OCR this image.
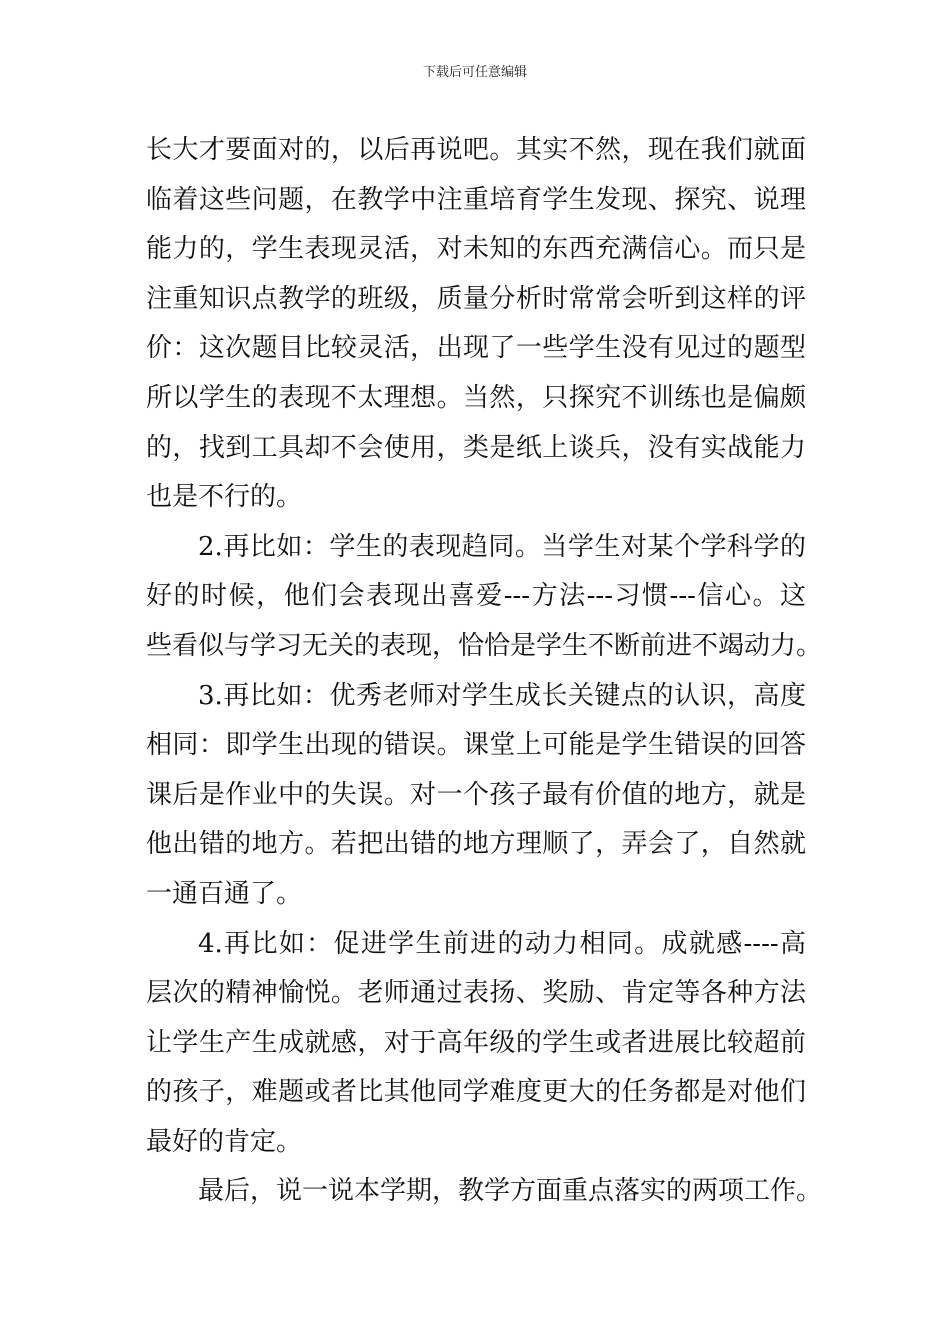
下载后可任意编辑
长大才要面对的，以后再说吧。其实不然，现在我们就面
临着这些问题，在教学中注重培育学生发现、探究、说理
能力的，学生表现灵活，对未知的东西充满信心。而只是
注重知识点教学的班级，质量分析时常常会听到这样的评
价：这次题目比较灵活，出现了一些学生没有见过的题型
所以学生的表现不太理想。当然，只探究不训练也是偏颇
的，找到工具却不会使用，类是纸上谈兵，没有实战能力
也是不行的。
2.再比如：学生的表现趋同。当学生对某个学科学的
好的时候，他们会表现出喜爱---方法---习惯---信心。这
些看似与学习无关的表现，恰恰是学生不断前进不竭动力。
3.再比如：优秀老师对学生成长关键点的认识，高度
相同：即学生出现的错误。课堂上可能是学生错误的回答
课后是作业中的失误。对一个孩子最有价值的地方，就是
他出错的地方。若把出错的地方理顺了，弄会了，自然就
一通百通了。
4.再比如：促进学生前进的动力相同。成就感----高
层次的精神愉悦。老师通过表扬、奖励、肯定等各种方法
让学生产生成就感，对于高年级的学生或者进展比较超前
的孩子，难题或者比其他同学难度更大的任务都是对他们
最好的肯定。
最后，说一说本学期，教学方面重点落实的两项工作。
